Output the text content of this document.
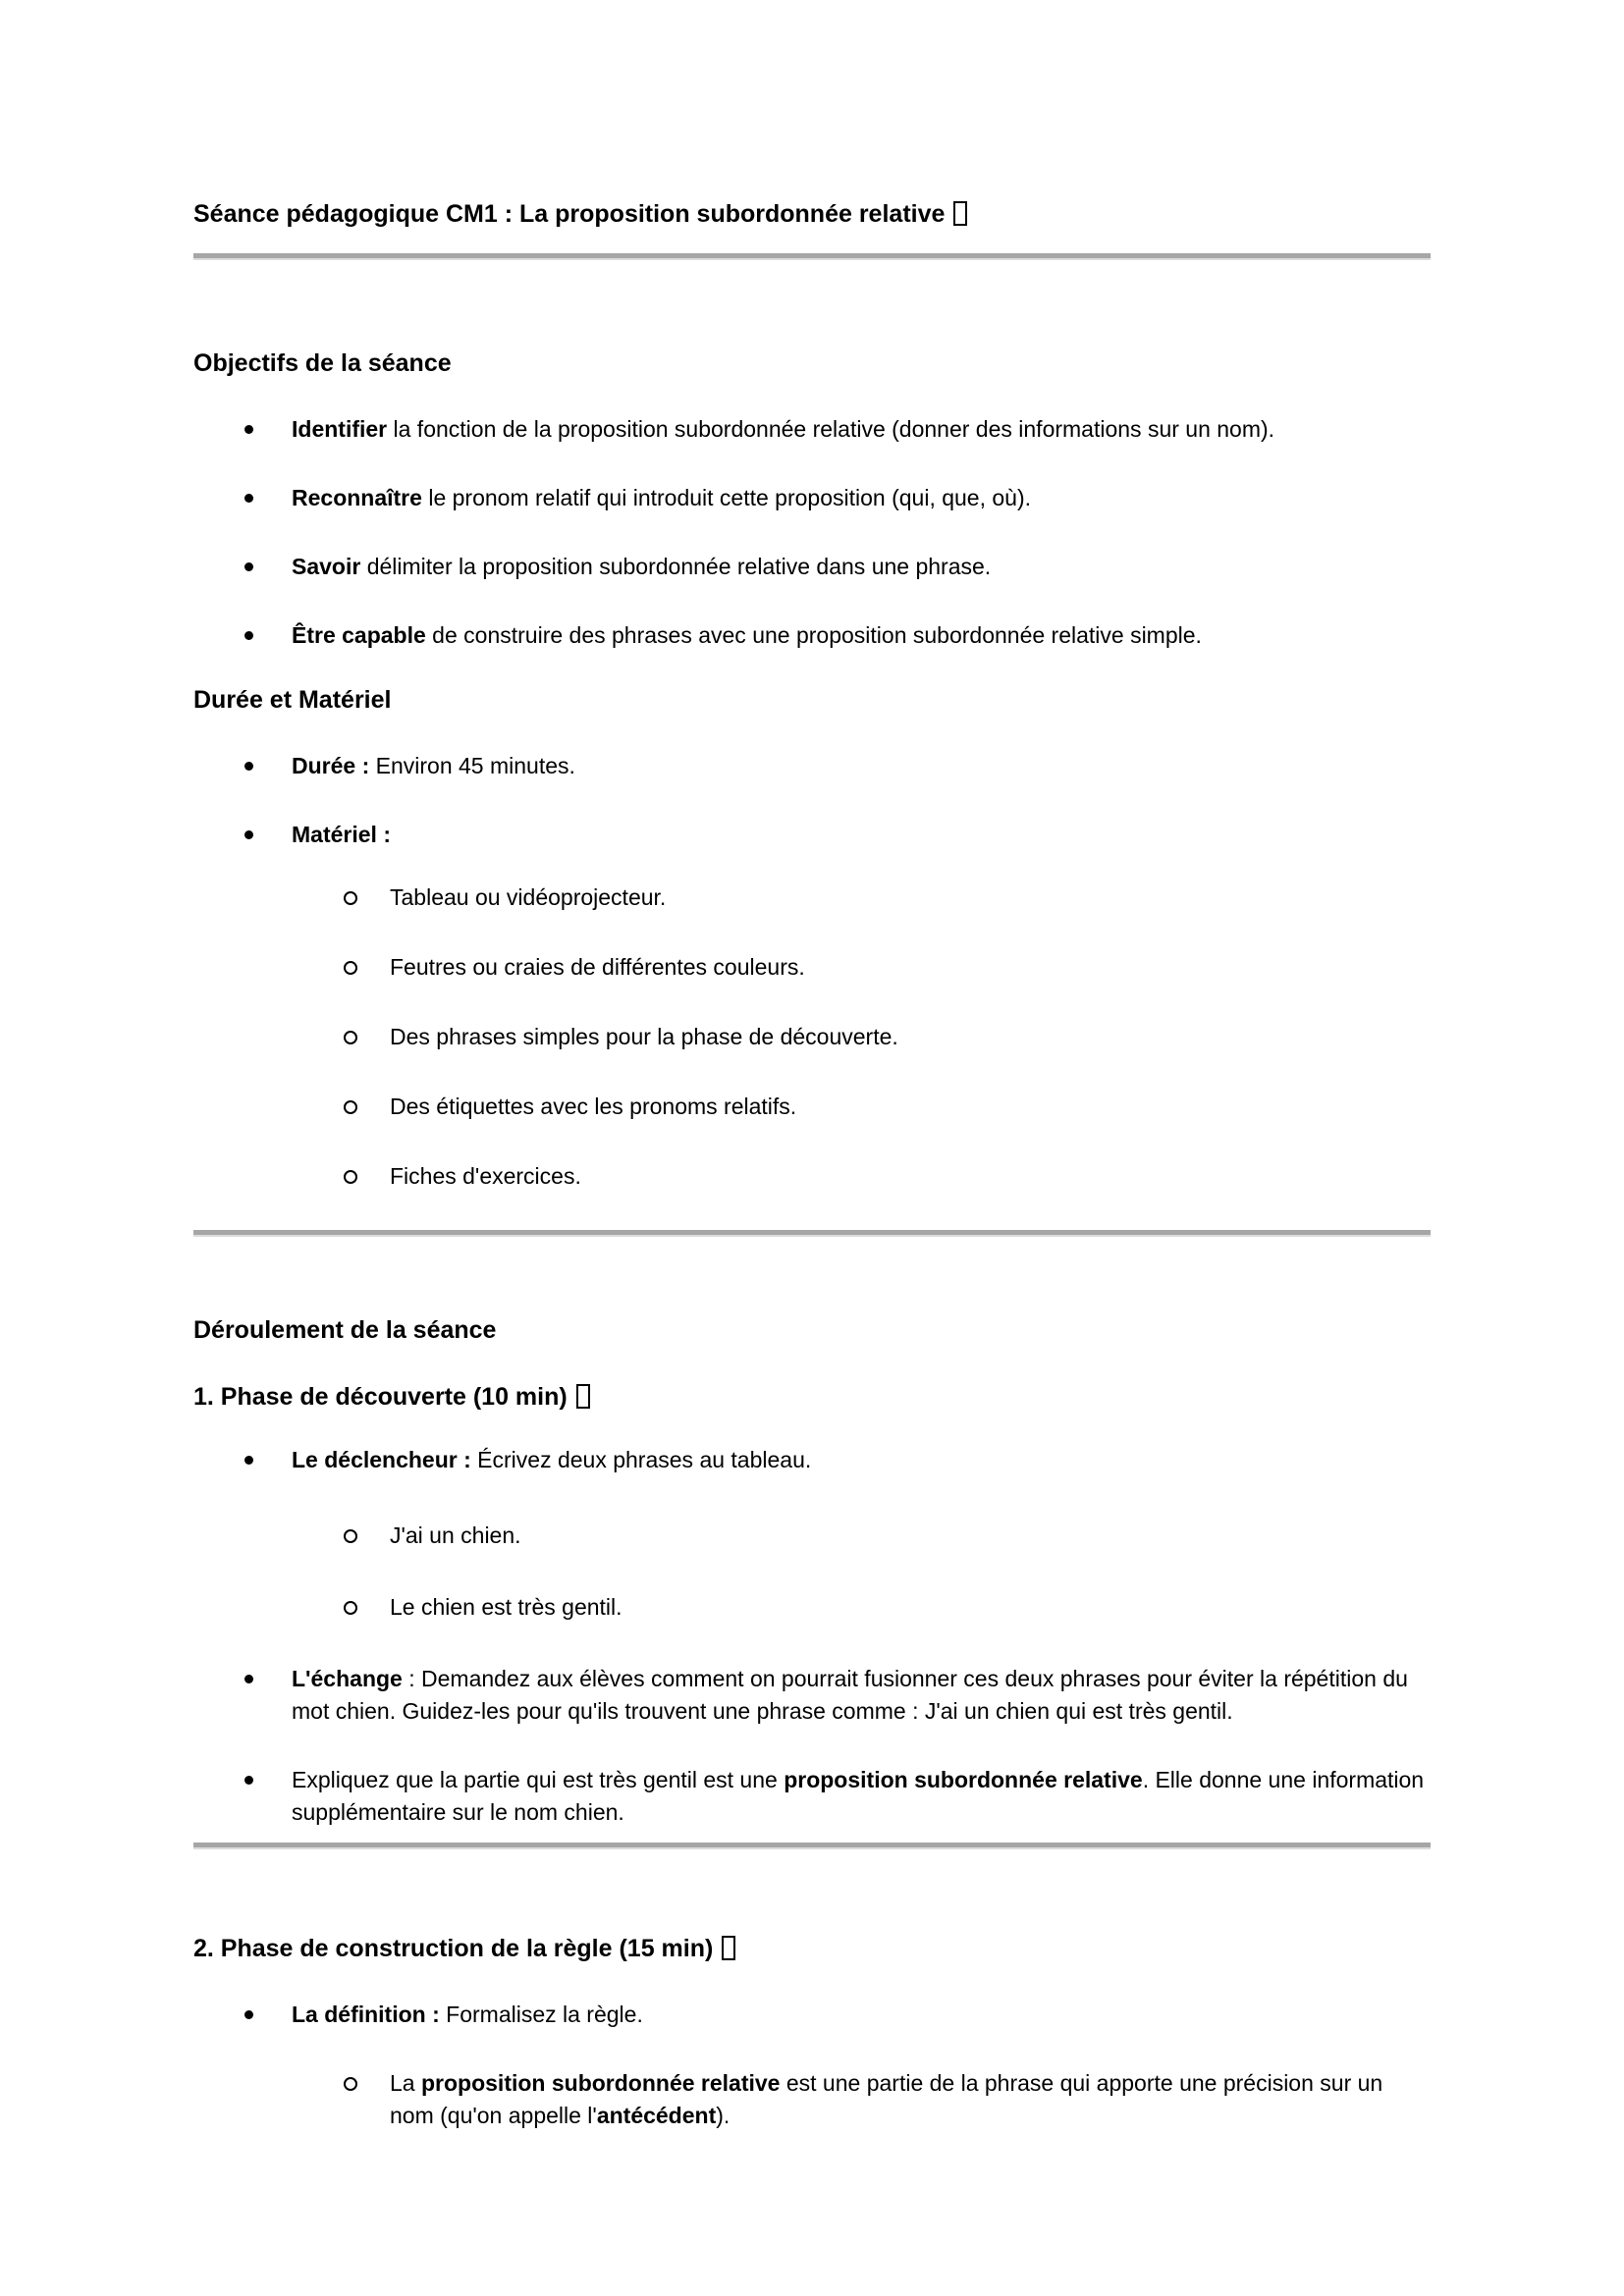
Séance pédagogique CM1 : La proposition subordonnée relative
Objectifs de la séance
Identifier la fonction de la proposition subordonnée relative (donner des informations sur un nom).
Reconnaître le pronom relatif qui introduit cette proposition (qui, que, où).
Savoir délimiter la proposition subordonnée relative dans une phrase.
Être capable de construire des phrases avec une proposition subordonnée relative simple.
Durée et Matériel
Durée : Environ 45 minutes.
Matériel :
Tableau ou vidéoprojecteur.
Feutres ou craies de différentes couleurs.
Des phrases simples pour la phase de découverte.
Des étiquettes avec les pronoms relatifs.
Fiches d'exercices.
Déroulement de la séance
1. Phase de découverte (10 min)
Le déclencheur : Écrivez deux phrases au tableau.
J'ai un chien.
Le chien est très gentil.
L'échange : Demandez aux élèves comment on pourrait fusionner ces deux phrases pour éviter la répétition du mot chien. Guidez-les pour qu'ils trouvent une phrase comme : J'ai un chien qui est très gentil.
Expliquez que la partie qui est très gentil est une proposition subordonnée relative. Elle donne une information supplémentaire sur le nom chien.
2. Phase de construction de la règle (15 min)
La définition : Formalisez la règle.
La proposition subordonnée relative est une partie de la phrase qui apporte une précision sur un nom (qu'on appelle l'antécédent).
